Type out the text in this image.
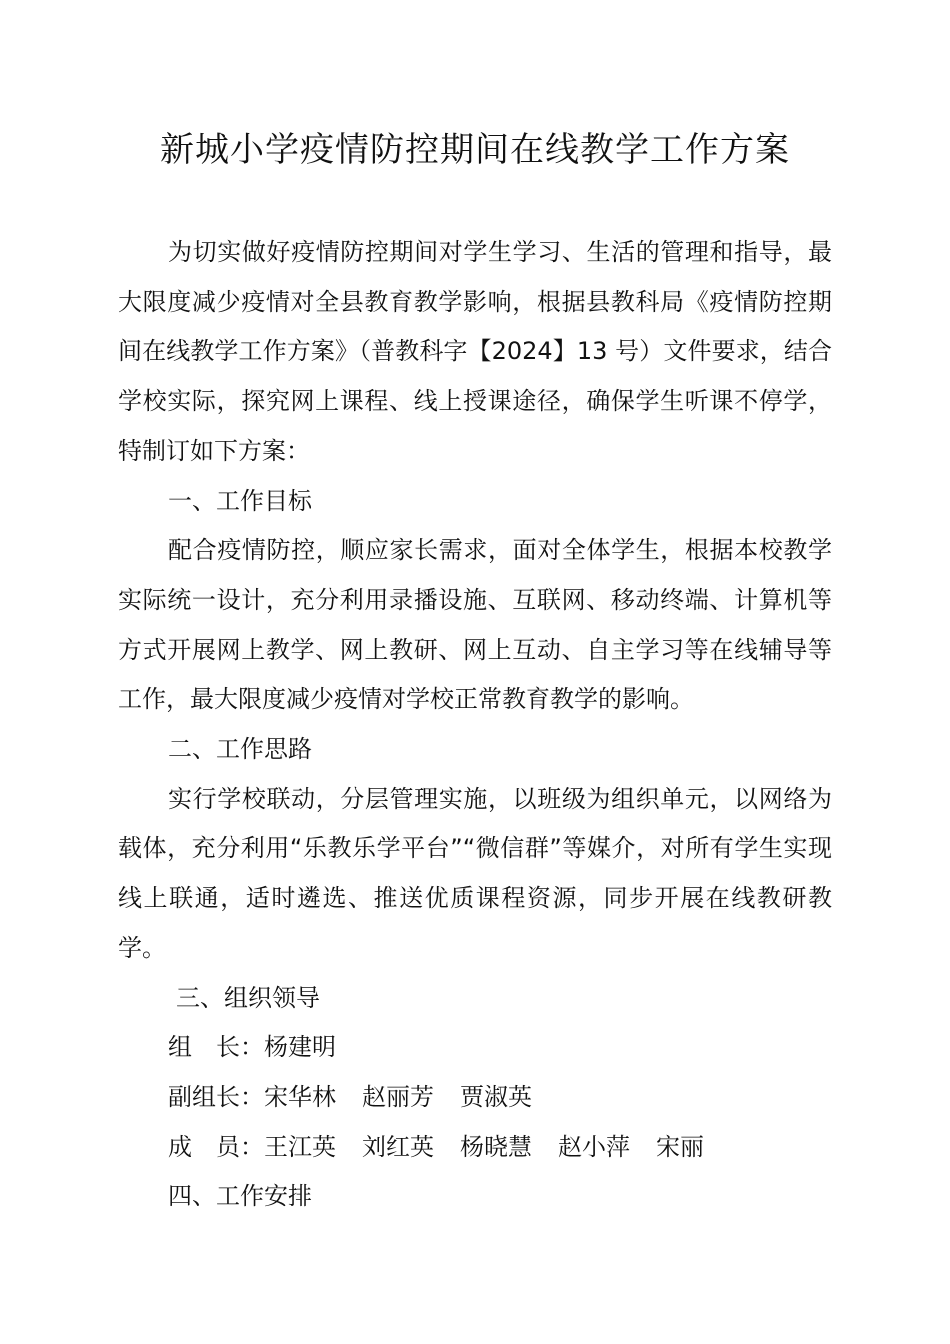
新城小学疫情防控期间在线教学工作方案

为切实做好疫情防控期间对学生学习、生活的管理和指导，最大限度减少疫情对全县教育教学影响，根据县教科局《疫情防控期间在线教学工作方案》（普教科字【2024】13 号）文件要求，结合学校实际，探究网上课程、线上授课途径，确保学生听课不停学，特制订如下方案：

一、工作目标

配合疫情防控，顺应家长需求，面对全体学生，根据本校教学实际统一设计，充分利用录播设施、互联网、移动终端、计算机等方式开展网上教学、网上教研、网上互动、自主学习等在线辅导等工作，最大限度减少疫情对学校正常教育教学的影响。

二、工作思路

实行学校联动，分层管理实施，以班级为组织单元，以网络为载体，充分利用“乐教乐学平台”“微信群”等媒介，对所有学生实现线上联通，适时遴选、推送优质课程资源，同步开展在线教研教学。

三、组织领导

组　长：杨建明

副组长：宋华林 赵丽芳 贾淑英

成　员：王江英 刘红英 杨晓慧 赵小萍 宋丽

四、工作安排
